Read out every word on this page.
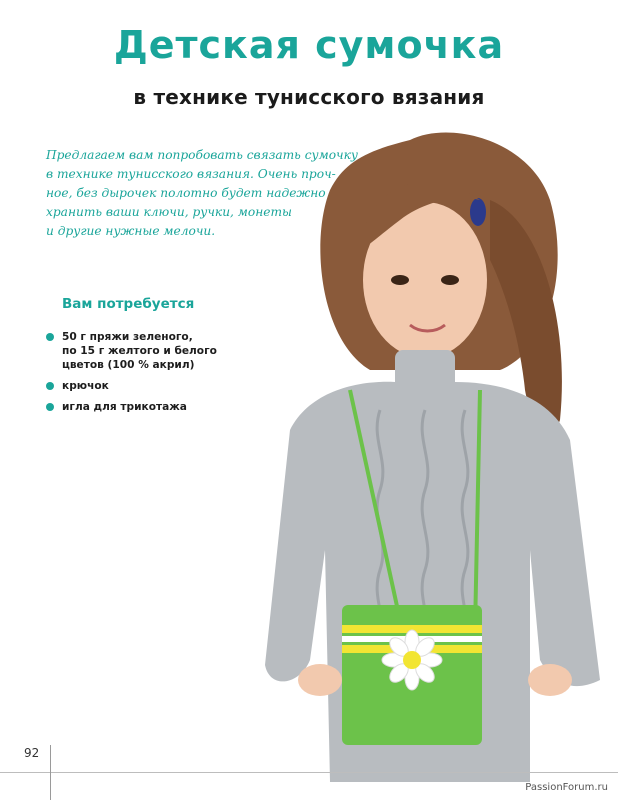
Детская сумочка
в технике тунисского вязания
Предлагаем вам попробовать связать сумочку
в технике тунисского вязания. Очень проч-
ное, без дырочек полотно будет надежно
хранить ваши ключи, ручки, монеты
и другие нужные мелочи.
Вам потребуется
50 г пряжи зеленого,
по 15 г желтого и белого
цветов (100 % акрил)
крючок
игла для трикотажа
92
PassionForum.ru
